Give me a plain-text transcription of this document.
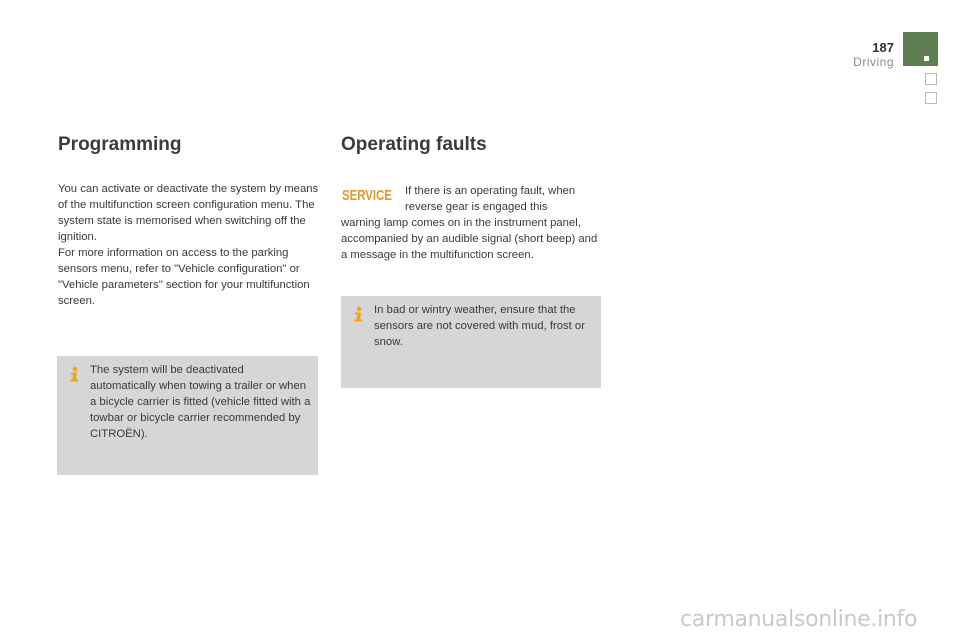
187
Driving
Programming

You can activate or deactivate the system by means of the multifunction screen configuration menu. The system state is memorised when switching off the ignition.

For more information on access to the parking sensors menu, refer to "Vehicle configuration" or "Vehicle parameters" section for your multifunction screen.

The system will be deactivated automatically when towing a trailer or when a bicycle carrier is fitted (vehicle fitted with a towbar or bicycle carrier recommended by CITROËN).

Operating faults
SERVICE	If there is an operating fault, when reverse gear is engaged this
warning lamp comes on in the instrument panel, accompanied by an audible signal (short beep) and a message in the multifunction screen.

In bad or wintry weather, ensure that the sensors are not covered with mud, frost or snow.

carmanualsonline.info
